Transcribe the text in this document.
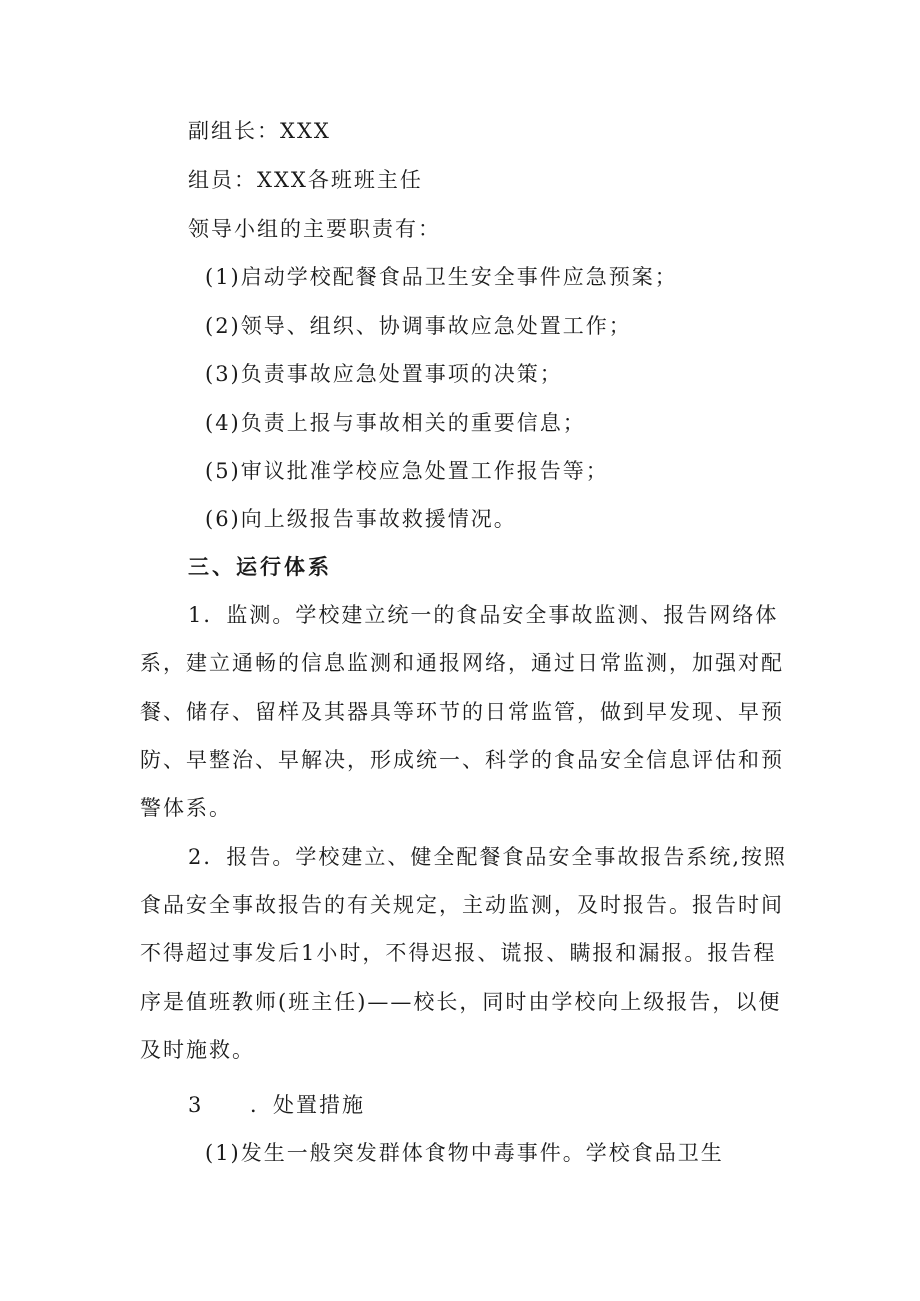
副组长：XXX
组员：XXX各班班主任
领导小组的主要职责有：
(1)启动学校配餐食品卫生安全事件应急预案；
(2)领导、组织、协调事故应急处置工作；
(3)负责事故应急处置事项的决策；
(4)负责上报与事故相关的重要信息；
(5)审议批准学校应急处置工作报告等；
(6)向上级报告事故救援情况。
三、运行体系
1．监测。学校建立统一的食品安全事故监测、报告网络体
系，建立通畅的信息监测和通报网络，通过日常监测，加强对配
餐、储存、留样及其器具等环节的日常监管，做到早发现、早预
防、早整治、早解决，形成统一、科学的食品安全信息评估和预
警体系。
2．报告。学校建立、健全配餐食品安全事故报告系统,按照
食品安全事故报告的有关规定，主动监测，及时报告。报告时间
不得超过事发后1小时，不得迟报、谎报、瞒报和漏报。报告程
序是值班教师(班主任)——校长，同时由学校向上级报告，以便
及时施救。
3 ．处置措施
(1)发生一般突发群体食物中毒事件。学校食品卫生
